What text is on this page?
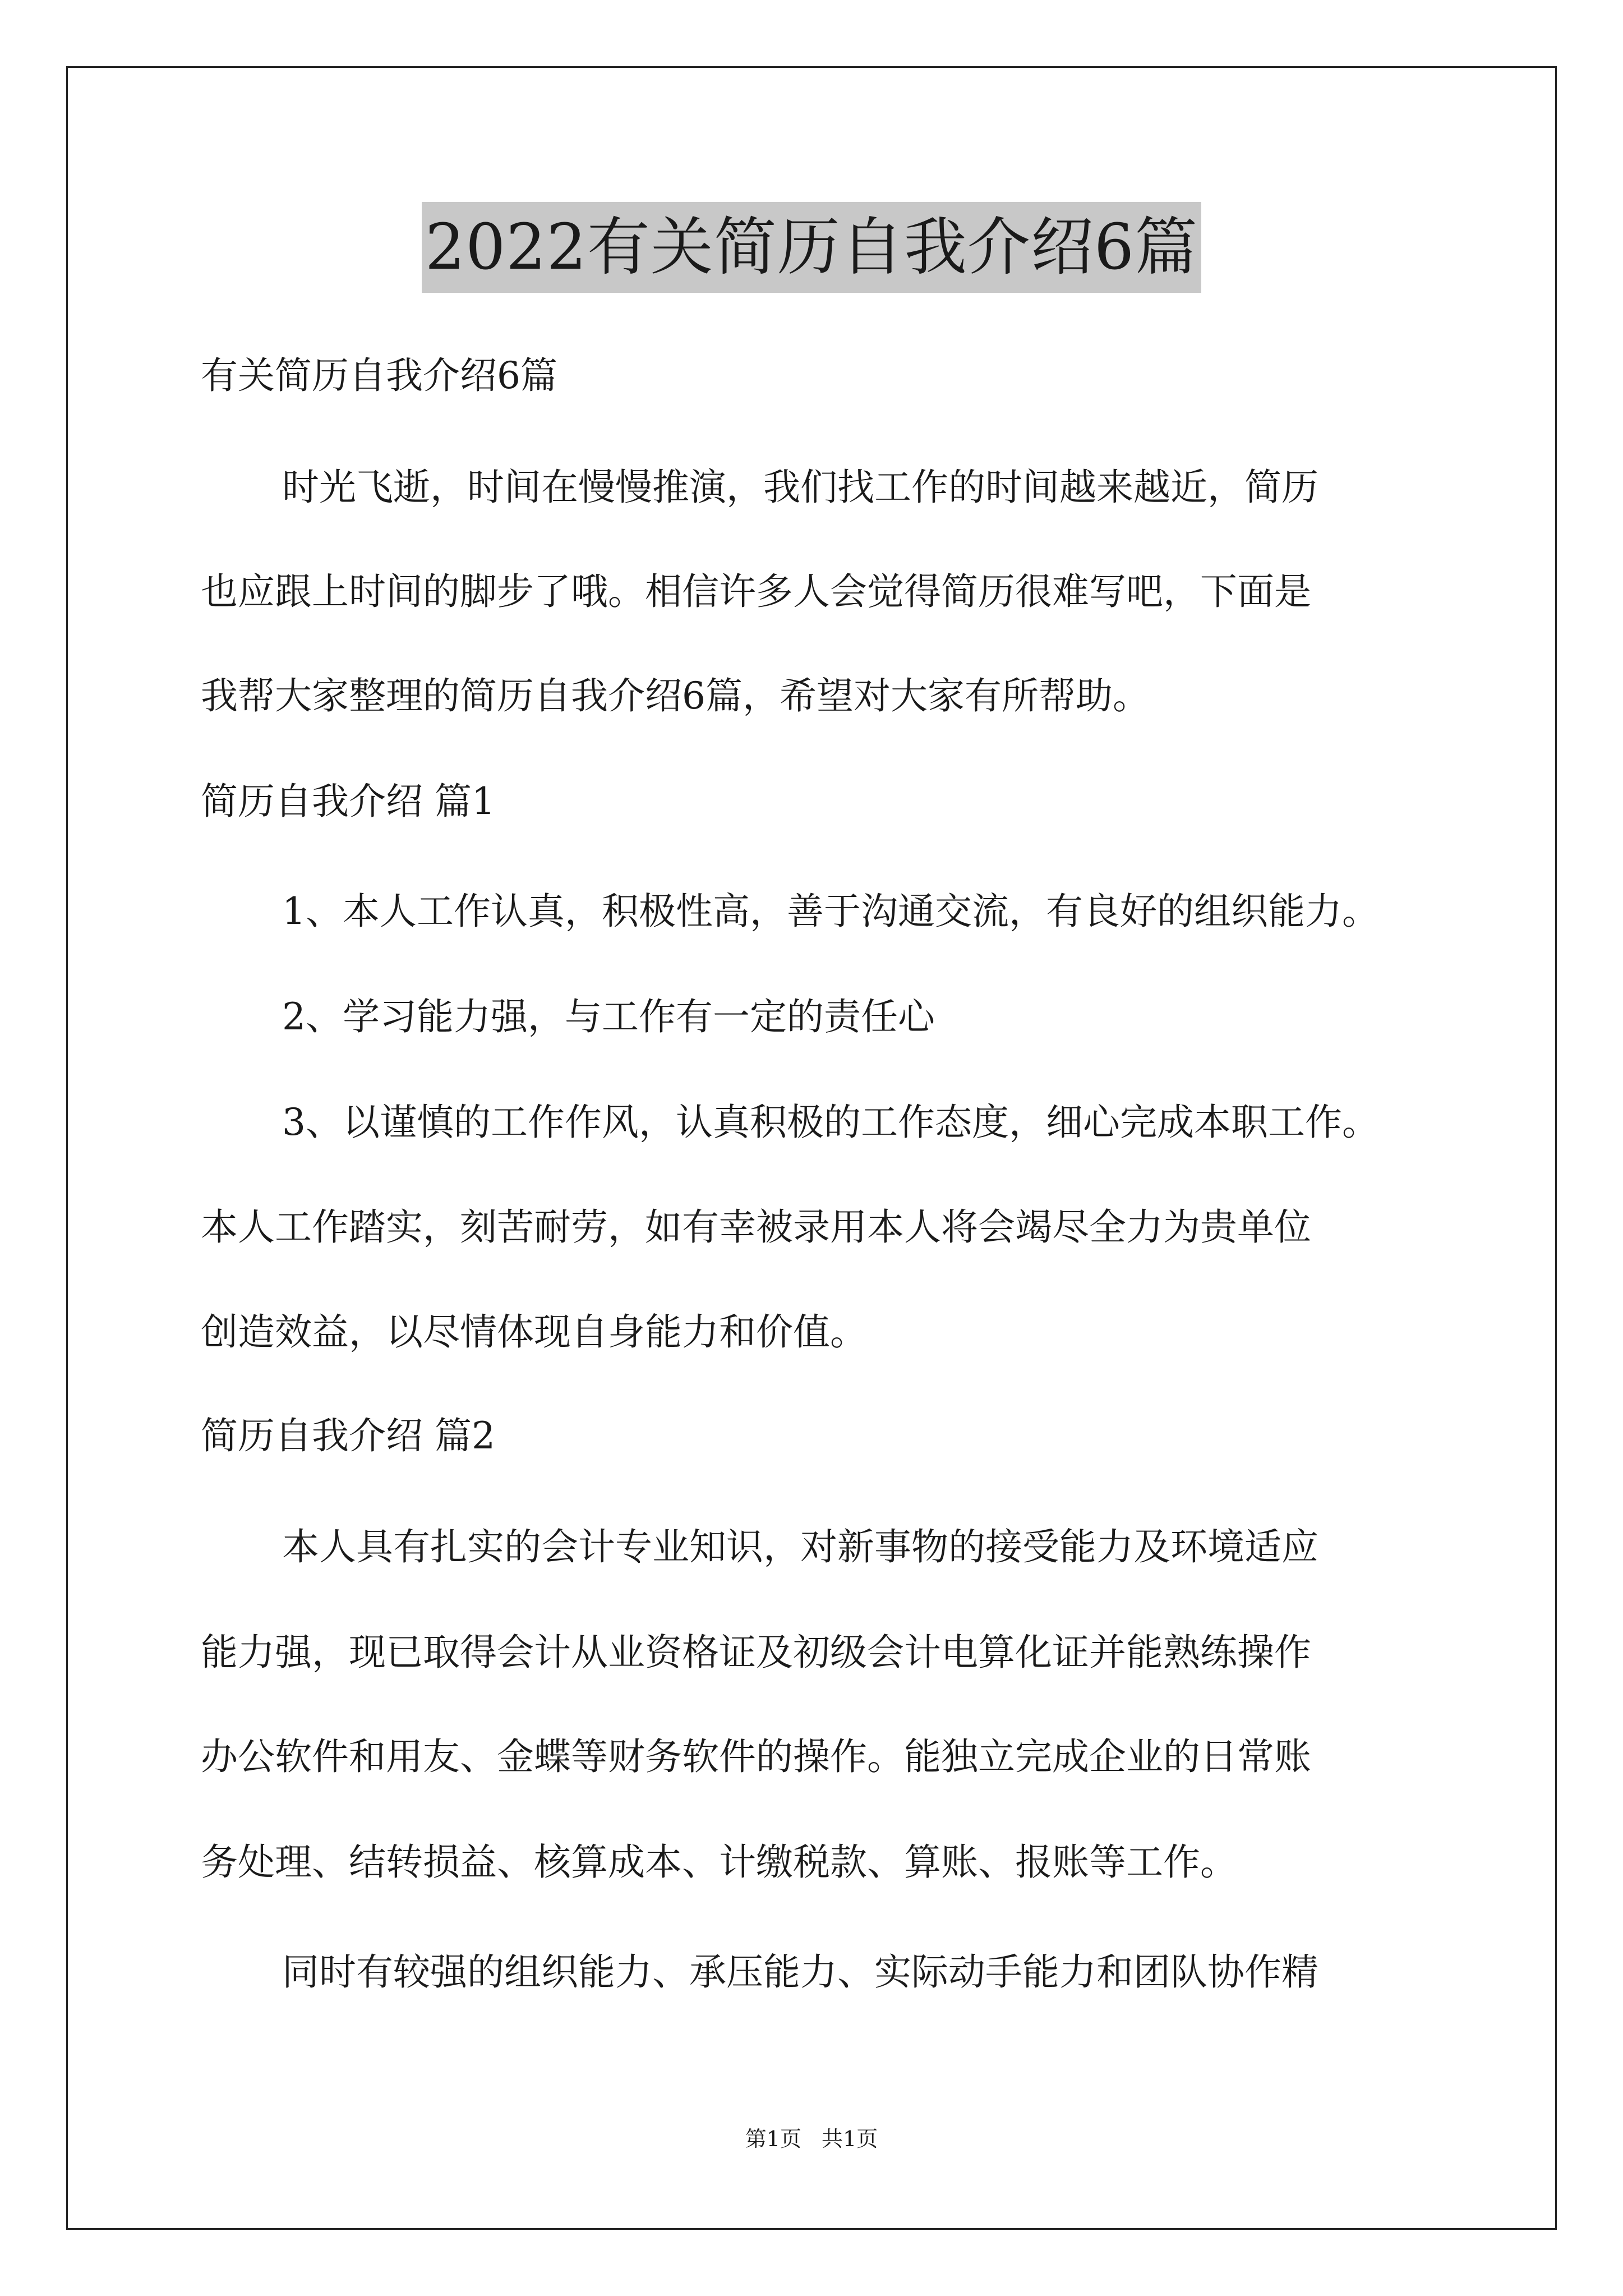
2022有关简历自我介绍6篇
有关简历自我介绍6篇
时光飞逝，时间在慢慢推演，我们找工作的时间越来越近，简历
也应跟上时间的脚步了哦。相信许多人会觉得简历很难写吧，下面是
我帮大家整理的简历自我介绍6篇，希望对大家有所帮助。
简历自我介绍 篇1
1、本人工作认真，积极性高，善于沟通交流，有良好的组织能力。
2、学习能力强，与工作有一定的责任心
3、以谨慎的工作作风，认真积极的工作态度，细心完成本职工作。
本人工作踏实，刻苦耐劳，如有幸被录用本人将会竭尽全力为贵单位
创造效益，以尽情体现自身能力和价值。
简历自我介绍 篇2
本人具有扎实的会计专业知识，对新事物的接受能力及环境适应
能力强，现已取得会计从业资格证及初级会计电算化证并能熟练操作
办公软件和用友、金蝶等财务软件的操作。能独立完成企业的日常账
务处理、结转损益、核算成本、计缴税款、算账、报账等工作。
同时有较强的组织能力、承压能力、实际动手能力和团队协作精
第1页 共1页
